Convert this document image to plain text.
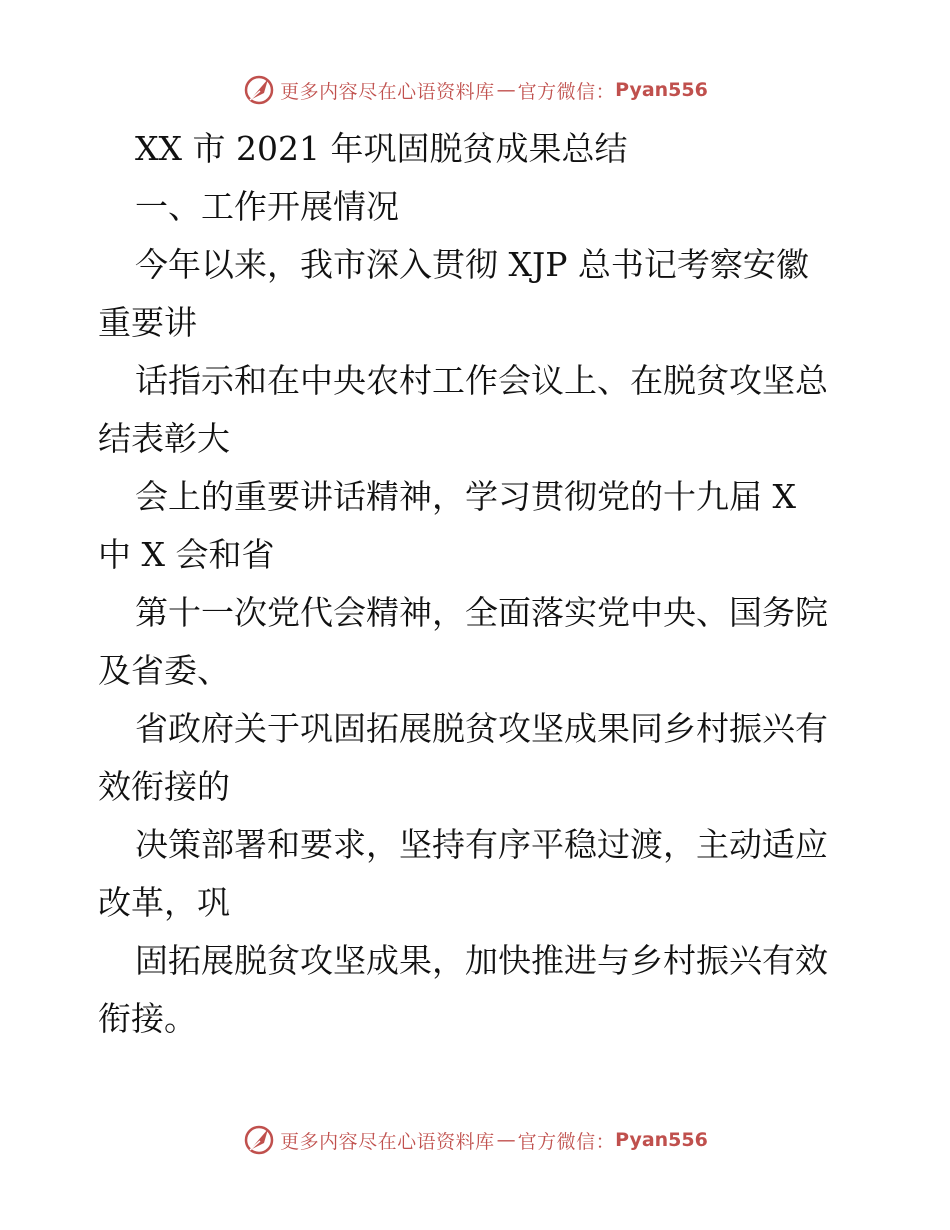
更多内容尽在心语资料库 — 官方微信： Pyan556
XX 市 2021 年巩固脱贫成果总结
一、工作开展情况
今年以来，我市深入贯彻 XJP 总书记考察安徽
重要讲
话指示和在中央农村工作会议上、在脱贫攻坚总
结表彰大
会上的重要讲话精神，学习贯彻党的十九届 X
中 X 会和省
第十一次党代会精神，全面落实党中央、国务院
及省委、
省政府关于巩固拓展脱贫攻坚成果同乡村振兴有
效衔接的
决策部署和要求，坚持有序平稳过渡，主动适应
改革，巩
固拓展脱贫攻坚成果，加快推进与乡村振兴有效
衔接。
更多内容尽在心语资料库 — 官方微信： Pyan556
